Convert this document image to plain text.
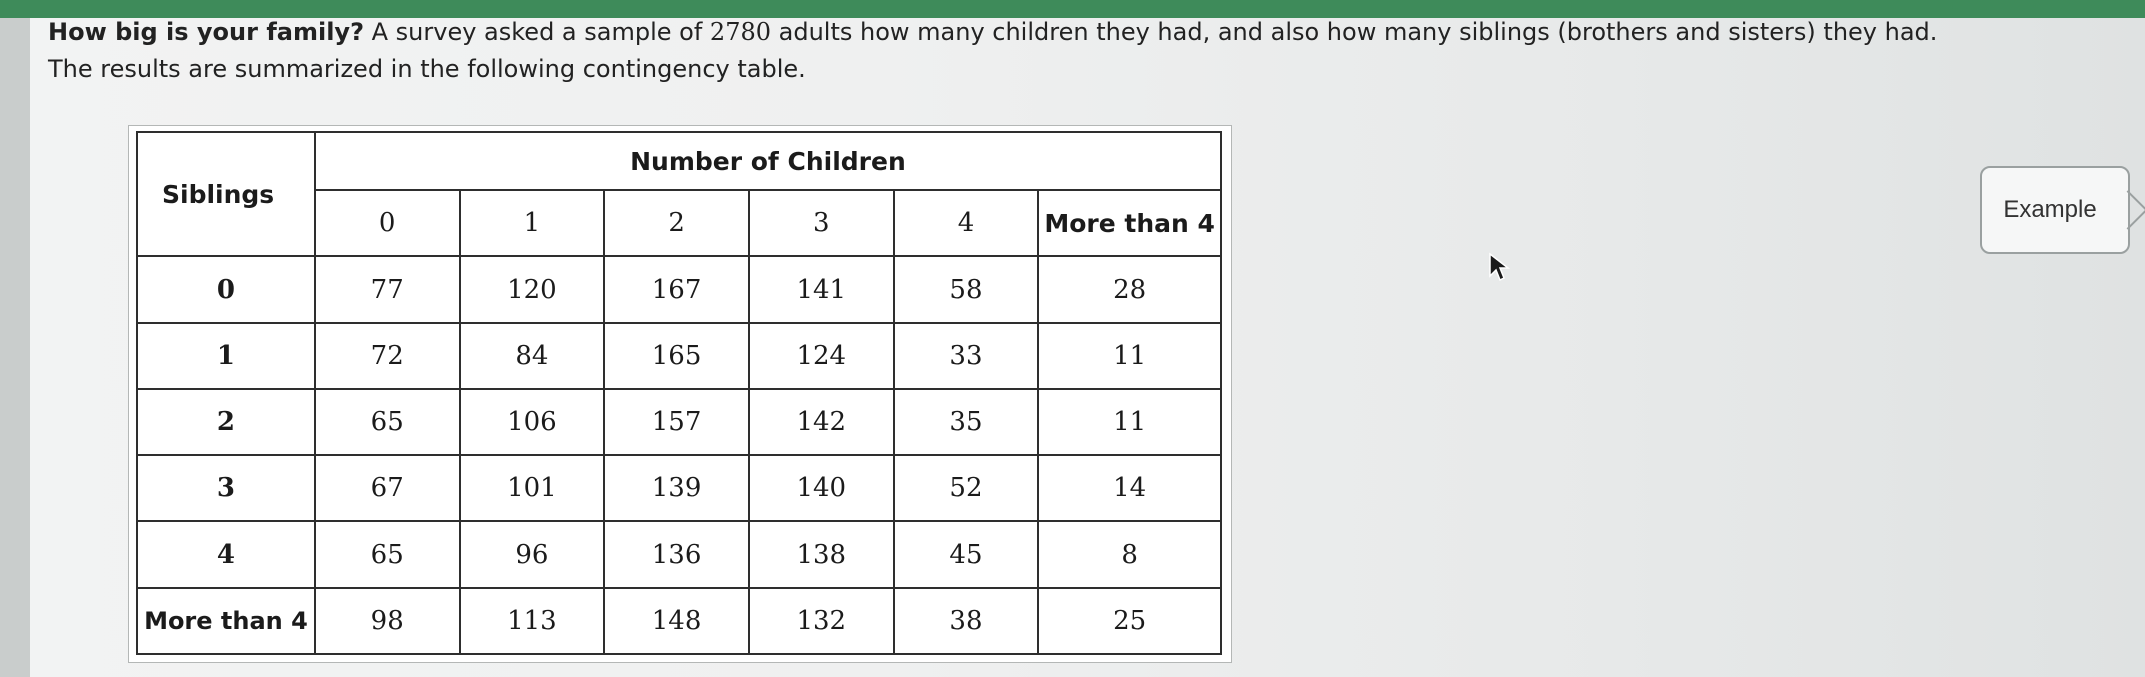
How big is your family? A survey asked a sample of 2780 adults how many children they had, and also how many siblings (brothers and sisters) they had.
The results are summarized in the following contingency table.
Siblings	Number of Children					
	0	1	2	3	4	More than 4
0	77	120	167	141	58	28
1	72	84	165	124	33	11
2	65	106	157	142	35	11
3	67	101	139	140	52	14
4	65	96	136	138	45	8
More than 4	98	113	148	132	38	25
Example
